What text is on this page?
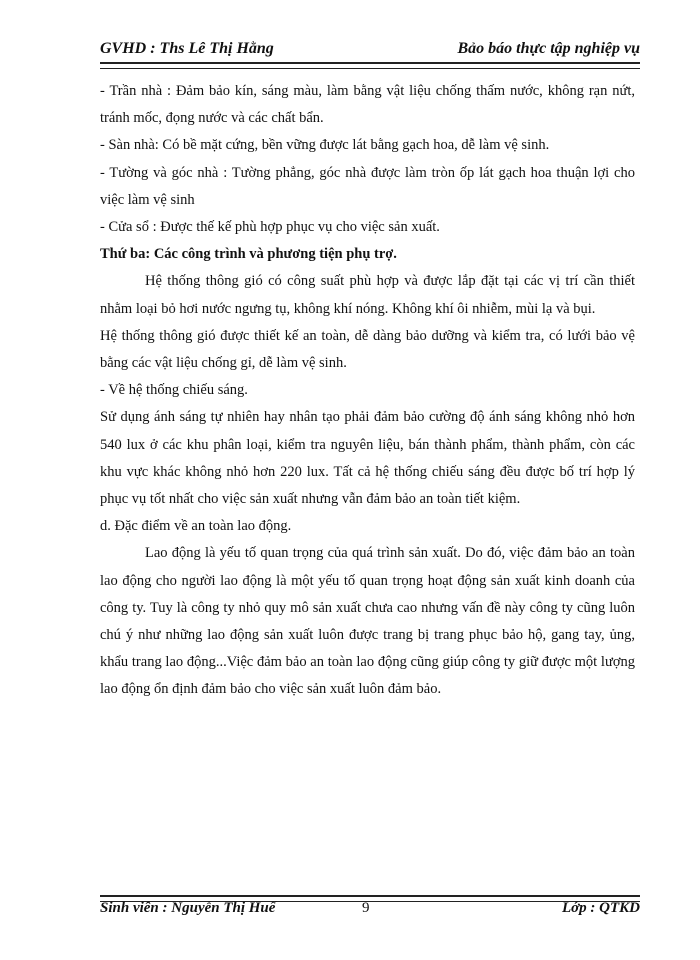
GVHD : Ths Lê Thị Hằng	Bảo báo thực tập nghiệp vụ

- Trần nhà : Đảm bảo kín, sáng màu, làm bằng vật liệu chống thấm nước, không rạn nứt, tránh mốc, đọng nước và các chất bẩn.

- Sàn nhà: Có bề mặt cứng, bền vững được lát bằng gạch hoa, dễ làm vệ sinh.

- Tường và góc nhà : Tường phẳng, góc nhà được làm tròn ốp lát gạch hoa thuận lợi cho việc làm vệ sinh

- Cửa sổ : Được thế kế phù hợp phục vụ cho việc sản xuất.

Thứ ba: Các công trình và phương tiện phụ trợ.

Hệ thống thông gió có công suất phù hợp và được lắp đặt tại các vị trí cần thiết nhằm loại bỏ hơi nước ngưng tụ, không khí nóng. Không khí ôi nhiễm, mùi lạ và bụi.

Hệ thống thông gió được thiết kế an toàn, dễ dàng bảo dưỡng và kiểm tra, có lưới bảo vệ bằng các vật liệu chống gỉ, dễ làm vệ sinh.

- Về hệ thống chiếu sáng.

Sử dụng ánh sáng tự nhiên hay nhân tạo phải đảm bảo cường độ ánh sáng không nhỏ hơn 540 lux ở các khu phân loại, kiểm tra nguyên liệu, bán thành phẩm, thành phẩm, còn các khu vực khác không nhỏ hơn 220 lux. Tất cả hệ thống chiếu sáng đều được bố trí hợp lý phục vụ tốt nhất cho việc sản xuất nhưng vẫn đảm bảo an toàn tiết kiệm.

d. Đặc điểm về an toàn lao động.

Lao động là yếu tố quan trọng của quá trình sản xuất. Do đó, việc đảm bảo an toàn lao động cho người lao động là một yếu tố quan trọng hoạt động sản xuất kinh doanh của công ty. Tuy là công ty nhỏ quy mô sản xuất chưa cao nhưng vấn đề này công ty cũng luôn chú ý như những lao động sản xuất luôn được trang bị trang phục bảo hộ, gang tay, ủng, khẩu trang lao động...Việc đảm bảo an toàn lao động cũng giúp công ty giữ được một lượng lao động ổn định đảm bảo cho việc sản xuất luôn đảm bảo.

Sinh viên : Nguyễn Thị Huế	9	Lớp : QTKD
